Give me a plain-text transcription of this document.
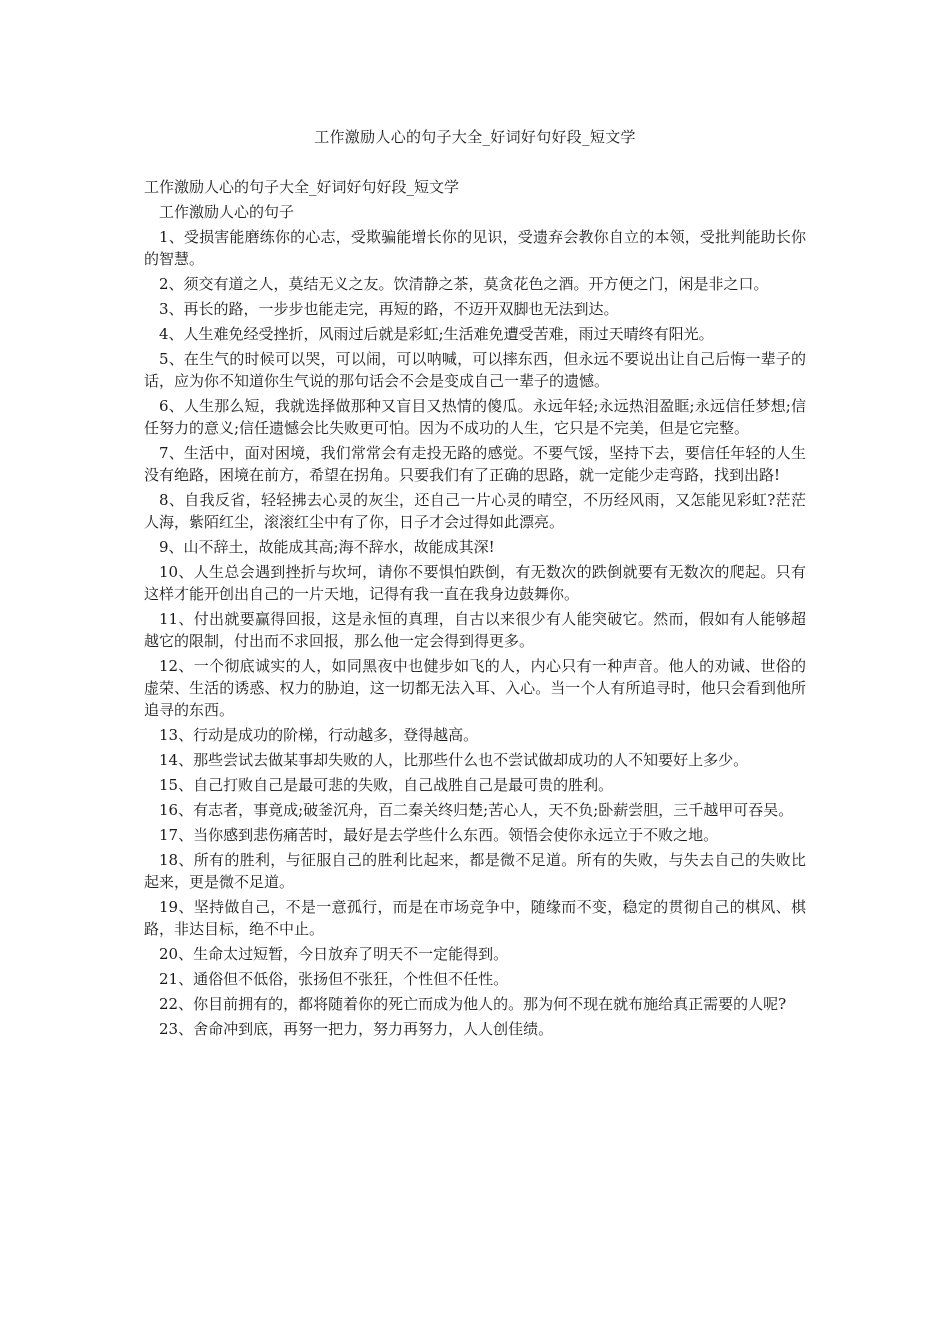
工作激励人心的句子大全_好词好句好段_短文学

工作激励人心的句子大全_好词好句好段_短文学

工作激励人心的句子

1、受损害能磨练你的心志，受欺骗能增长你的见识，受遗弃会教你自立的本领，受批判能助长你的智慧。

2、须交有道之人，莫结无义之友。饮清静之茶，莫贪花色之酒。开方便之门，闲是非之口。

3、再长的路，一步步也能走完，再短的路，不迈开双脚也无法到达。

4、人生难免经受挫折，风雨过后就是彩虹;生活难免遭受苦难，雨过天晴终有阳光。

5、在生气的时候可以哭，可以闹，可以呐喊，可以摔东西，但永远不要说出让自己后悔一辈子的话，应为你不知道你生气说的那句话会不会是变成自己一辈子的遗憾。

6、人生那么短，我就选择做那种又盲目又热情的傻瓜。永远年轻;永远热泪盈眶;永远信任梦想;信任努力的意义;信任遗憾会比失败更可怕。因为不成功的人生，它只是不完美，但是它完整。

7、生活中，面对困境，我们常常会有走投无路的感觉。不要气馁，坚持下去，要信任年轻的人生没有绝路，困境在前方，希望在拐角。只要我们有了正确的思路，就一定能少走弯路，找到出路!

8、自我反省，轻轻拂去心灵的灰尘，还自己一片心灵的晴空，不历经风雨，又怎能见彩虹?茫茫人海，紫陌红尘，滚滚红尘中有了你，日子才会过得如此漂亮。

9、山不辞土，故能成其高;海不辞水，故能成其深!

10、人生总会遇到挫折与坎坷，请你不要惧怕跌倒，有无数次的跌倒就要有无数次的爬起。只有这样才能开创出自己的一片天地，记得有我一直在我身边鼓舞你。

11、付出就要赢得回报，这是永恒的真理，自古以来很少有人能突破它。然而，假如有人能够超越它的限制，付出而不求回报，那么他一定会得到得更多。

12、一个彻底诚实的人，如同黑夜中也健步如飞的人，内心只有一种声音。他人的劝诫、世俗的虚荣、生活的诱惑、权力的胁迫，这一切都无法入耳、入心。当一个人有所追寻时，他只会看到他所追寻的东西。

13、行动是成功的阶梯，行动越多，登得越高。

14、那些尝试去做某事却失败的人，比那些什么也不尝试做却成功的人不知要好上多少。

15、自己打败自己是最可悲的失败，自己战胜自己是最可贵的胜利。

16、有志者，事竟成;破釜沉舟，百二秦关终归楚;苦心人，天不负;卧薪尝胆，三千越甲可吞吴。

17、当你感到悲伤痛苦时，最好是去学些什么东西。领悟会使你永远立于不败之地。

18、所有的胜利，与征服自己的胜利比起来，都是微不足道。所有的失败，与失去自己的失败比起来，更是微不足道。

19、坚持做自己，不是一意孤行，而是在市场竞争中，随缘而不变，稳定的贯彻自己的棋风、棋路，非达目标，绝不中止。

20、生命太过短暂，今日放弃了明天不一定能得到。

21、通俗但不低俗，张扬但不张狂，个性但不任性。

22、你目前拥有的，都将随着你的死亡而成为他人的。那为何不现在就布施给真正需要的人呢?

23、舍命冲到底，再努一把力，努力再努力，人人创佳绩。
